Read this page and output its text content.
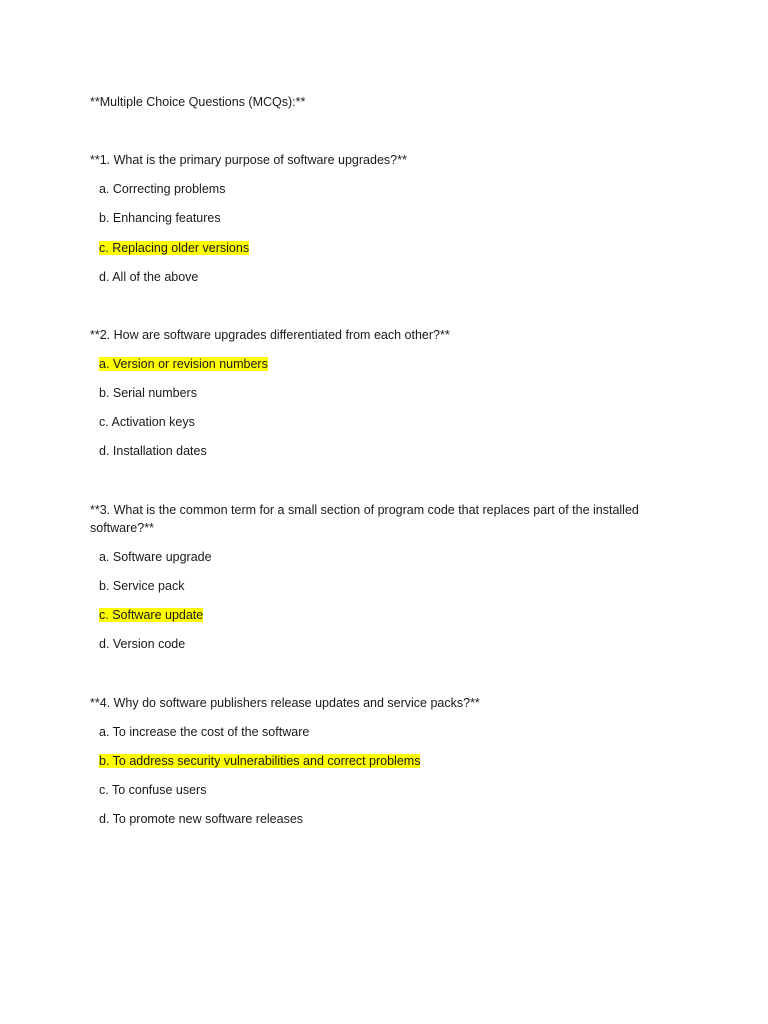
**Multiple Choice Questions (MCQs):**
**1. What is the primary purpose of software upgrades?**
a. Correcting problems
b. Enhancing features
c. Replacing older versions
d. All of the above
**2. How are software upgrades differentiated from each other?**
a. Version or revision numbers
b. Serial numbers
c. Activation keys
d. Installation dates
**3. What is the common term for a small section of program code that replaces part of the installed software?**
a. Software upgrade
b. Service pack
c. Software update
d. Version code
**4. Why do software publishers release updates and service packs?**
a. To increase the cost of the software
b. To address security vulnerabilities and correct problems
c. To confuse users
d. To promote new software releases
